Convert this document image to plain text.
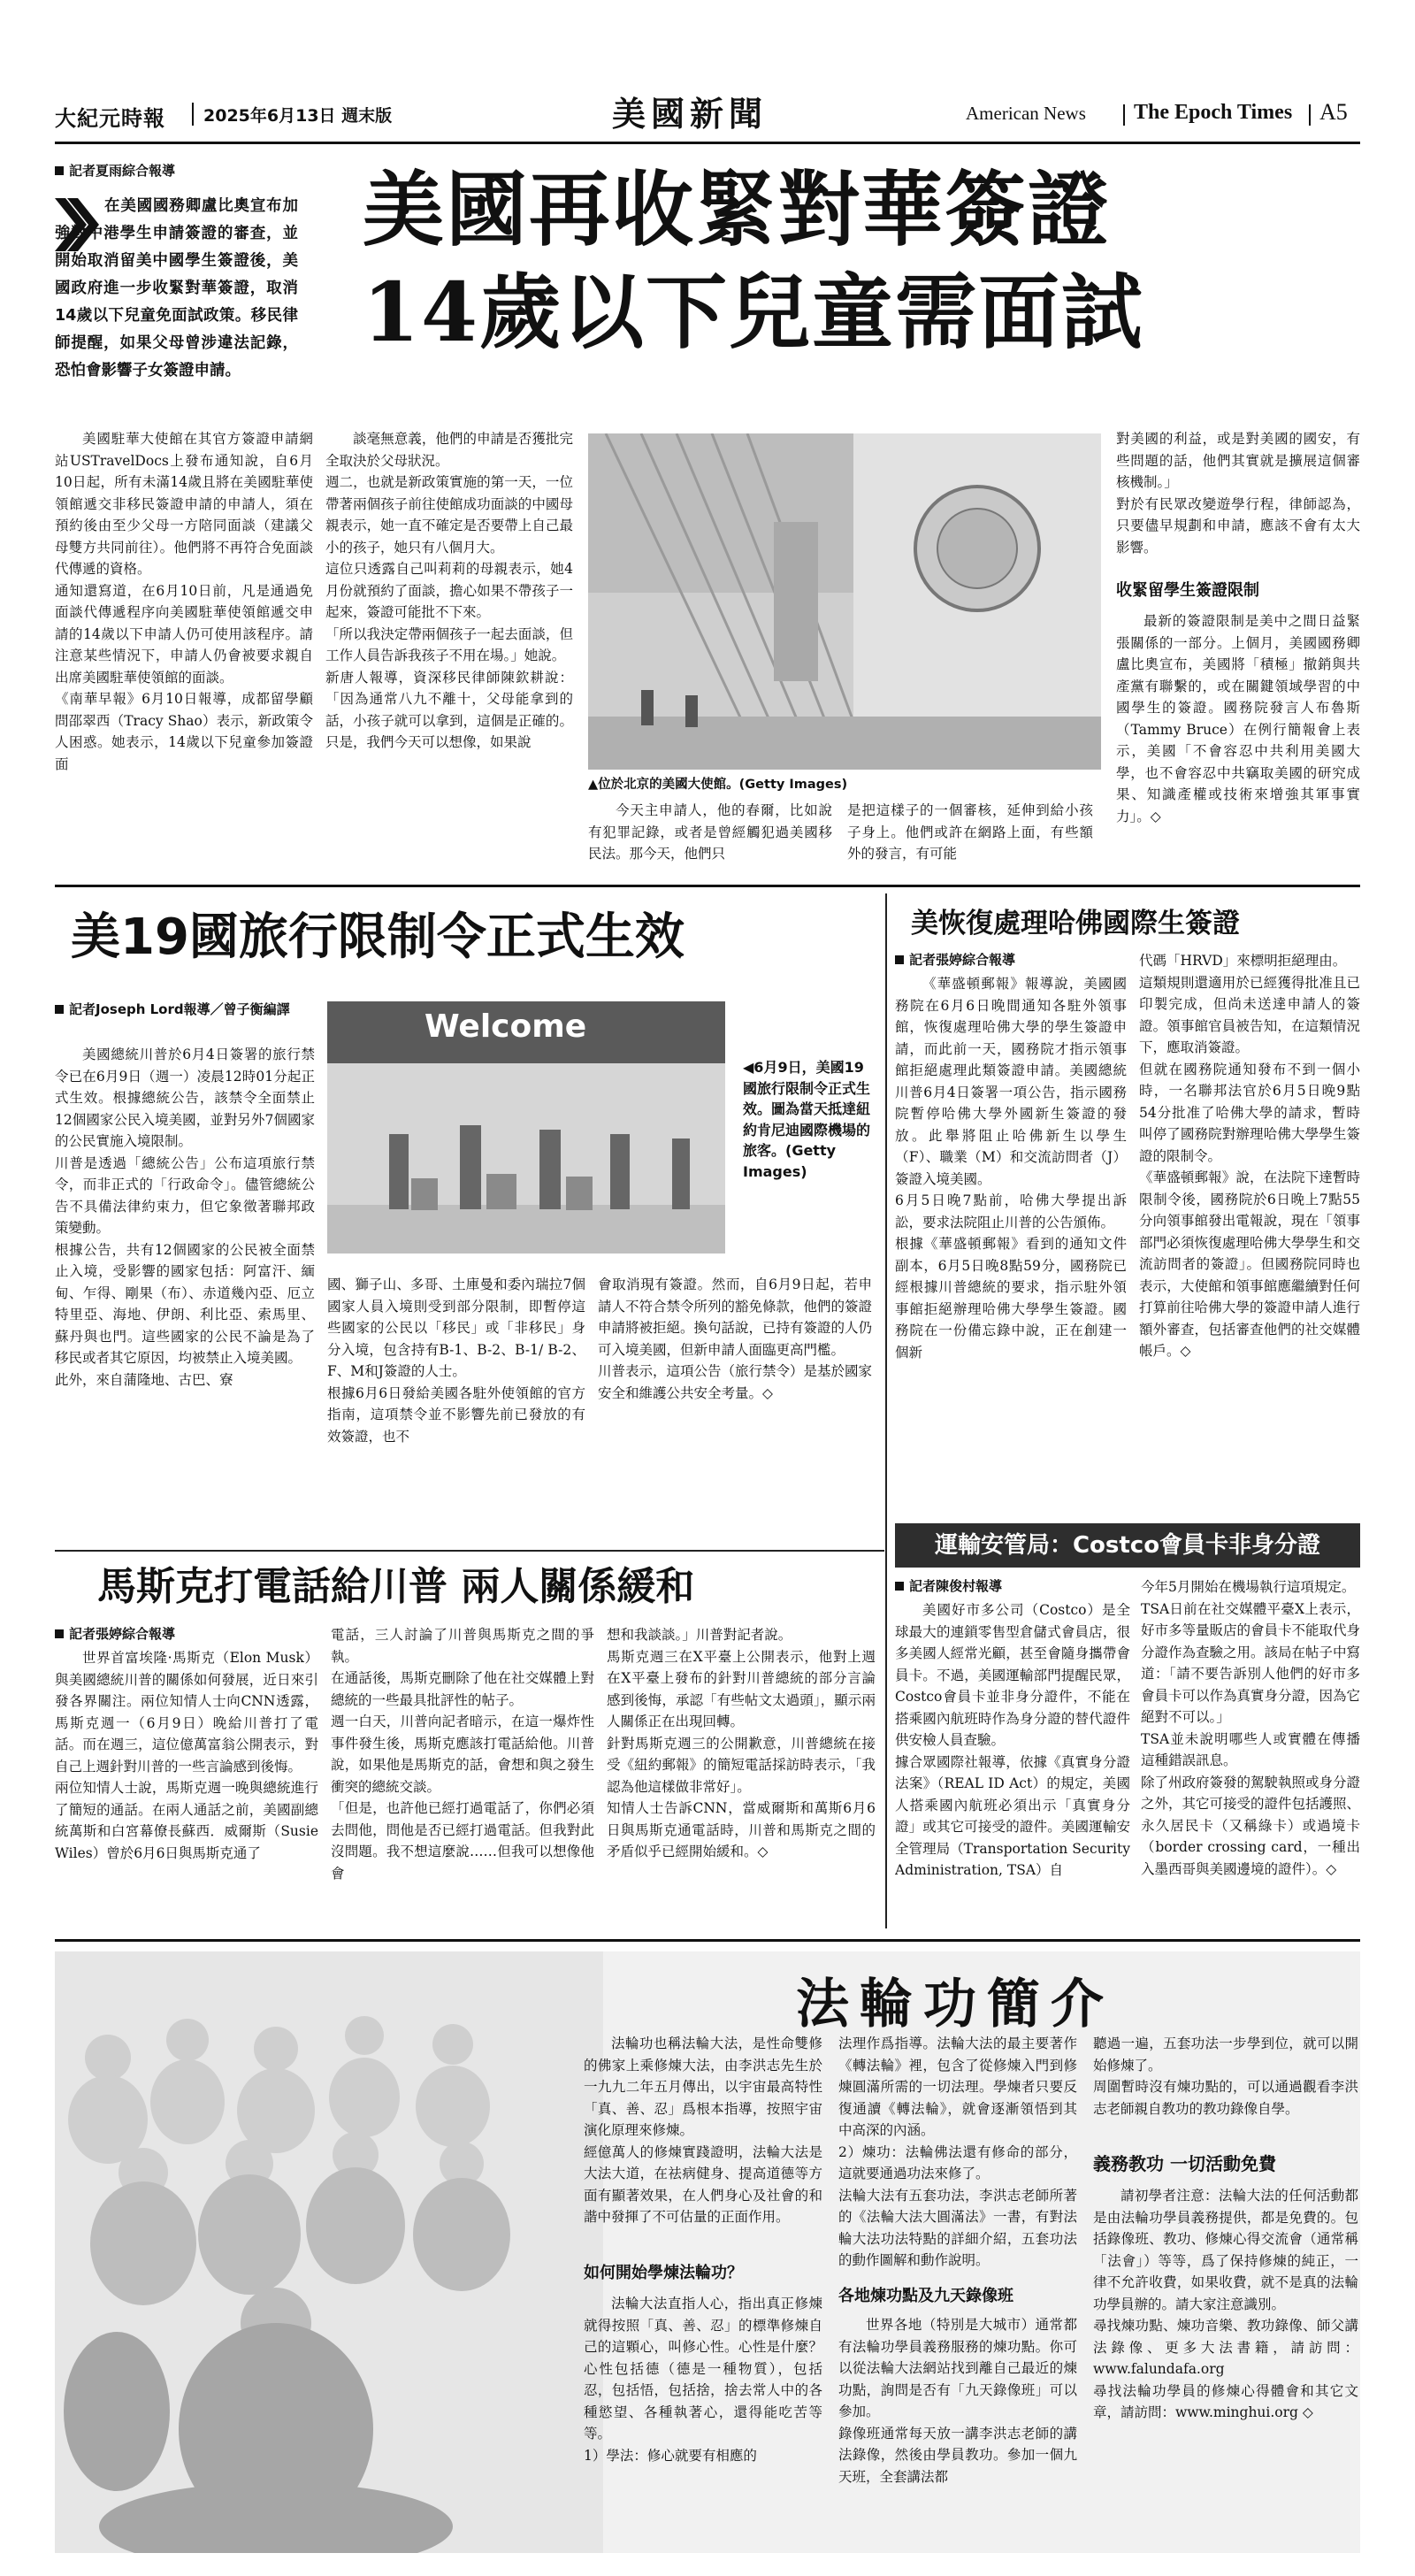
大紀元時報 2025年6月13日 週末版	美國新聞	American News The Epoch Times A5
記者夏雨綜合報導
在美國國務卿盧比奧宣布加強對中港學生申請簽證的審查，並開始取消留美中國學生簽證後，美國政府進一步收緊對華簽證，取消14歲以下兒童免面試政策。移民律師提醒，如果父母曾涉違法記錄，恐怕會影響子女簽證申請。
美國再收緊對華簽證
14歲以下兒童需面試
美國駐華大使館在其官方簽證申請網站USTravelDocs上發布通知說，自6月10日起，所有未滿14歲且將在美國駐華使領館遞交非移民簽證申請的申請人，須在預約後由至少父母一方陪同面談（建議父母雙方共同前往）。他們將不再符合免面談代傳遞的資格。
通知還寫道，在6月10日前，凡是通過免面談代傳遞程序向美國駐華使領館遞交申請的14歲以下申請人仍可使用該程序。請注意某些情況下，申請人仍會被要求親自出席美國駐華使領館的面談。
《南華早報》6月10日報導，成都留學顧問邵翠西（Tracy Shao）表示，新政策令人困惑。她表示，14歲以下兒童參加簽證面
談毫無意義，他們的申請是否獲批完全取決於父母狀況。
週二，也就是新政策實施的第一天，一位帶著兩個孩子前往使館成功面談的中國母親表示，她一直不確定是否要帶上自己最小的孩子，她只有八個月大。
這位只透露自己叫莉莉的母親表示，她4月份就預約了面談，擔心如果不帶孩子一起來，簽證可能批不下來。
「所以我決定帶兩個孩子一起去面談，但工作人員告訴我孩子不用在場。」她說。
新唐人報導，資深移民律師陳欽耕說：「因為通常八九不離十，父母能拿到的話，小孩子就可以拿到，這個是正確的。只是，我們今天可以想像，如果說
▲位於北京的美國大使館。(Getty Images)
今天主申請人，他的春爾，比如說有犯罪記錄，或者是曾經觸犯過美國移民法。那今天，他們只
是把這樣子的一個審核，延伸到給小孩子身上。他們或許在網路上面，有些額外的發言，有可能
對美國的利益，或是對美國的國安，有些問題的話，他們其實就是擴展這個審核機制。」
對於有民眾改變遊學行程，律師認為，只要儘早規劃和申請，應該不會有太大影響。
收緊留學生簽證限制
最新的簽證限制是美中之間日益緊張關係的一部分。上個月，美國國務卿盧比奧宣布，美國將「積極」撤銷與共產黨有聯繫的，或在關鍵領域學習的中國學生的簽證。國務院發言人布魯斯（Tammy Bruce）在例行簡報會上表示，美國「不會容忍中共利用美國大學，也不會容忍中共竊取美國的研究成果、知識產權或技術來增強其軍事實力」。◇
美19國旅行限制令正式生效
記者Joseph Lord報導／曾子衡編譯
美國總統川普於6月4日簽署的旅行禁令已在6月9日（週一）凌晨12時01分起正式生效。根據總統公告，該禁令全面禁止12個國家公民入境美國，並對另外7個國家的公民實施入境限制。
川普是透過「總統公告」公布這項旅行禁令，而非正式的「行政命令」。儘管總統公告不具備法律約束力，但它象徵著聯邦政策變動。
根據公告，共有12個國家的公民被全面禁止入境，受影響的國家包括：阿富汗、緬甸、乍得、剛果（布）、赤道幾內亞、厄立特里亞、海地、伊朗、利比亞、索馬里、蘇丹與也門。這些國家的公民不論是為了移民或者其它原因，均被禁止入境美國。
此外，來自蒲隆地、古巴、寮
Welcome
◀6月9日，美國19國旅行限制令正式生效。圖為當天抵達紐約肯尼迪國際機場的旅客。(Getty Images)
國、獅子山、多哥、土庫曼和委內瑞拉7個國家人員入境則受到部分限制，即暫停這些國家的公民以「移民」或「非移民」身分入境，包含持有B-1、B-2、B-1/ B-2、F、M和J簽證的人士。
根據6月6日發給美國各駐外使領館的官方指南，這項禁令並不影響先前已發放的有效簽證，也不
會取消現有簽證。然而，自6月9日起，若申請人不符合禁令所列的豁免條款，他們的簽證申請將被拒絕。換句話說，已持有簽證的人仍可入境美國，但新申請人面臨更高門檻。
川普表示，這項公告（旅行禁令）是基於國家安全和維護公共安全考量。◇
美恢復處理哈佛國際生簽證
記者張婷綜合報導
《華盛頓郵報》報導說，美國國務院在6月6日晚間通知各駐外領事館，恢復處理哈佛大學的學生簽證申請，而此前一天，國務院才指示領事館拒絕處理此類簽證申請。美國總統川普6月4日簽署一項公告，指示國務院暫停哈佛大學外國新生簽證的發放。此舉將阻止哈佛新生以學生（F）、職業（M）和交流訪問者（J）簽證入境美國。
6月5日晚7點前，哈佛大學提出訴訟，要求法院阻止川普的公告頒佈。
根據《華盛頓郵報》看到的通知文件副本，6月5日晚8點59分，國務院已經根據川普總統的要求，指示駐外領事館拒絕辦理哈佛大學學生簽證。國務院在一份備忘錄中說，正在創建一個新
代碼「HRVD」來標明拒絕理由。
這類規則還適用於已經獲得批准且已印製完成，但尚未送達申請人的簽證。領事館官員被告知，在這類情況下，應取消簽證。
但就在國務院通知發布不到一個小時，一名聯邦法官於6月5日晚9點54分批准了哈佛大學的請求，暫時叫停了國務院對辦理哈佛大學學生簽證的限制令。
《華盛頓郵報》說，在法院下達暫時限制令後，國務院於6日晚上7點55分向領事館發出電報說，現在「領事部門必須恢復處理哈佛大學學生和交流訪問者的簽證」。但國務院同時也表示，大使館和領事館應繼續對任何打算前往哈佛大學的簽證申請人進行額外審查，包括審查他們的社交媒體帳戶。◇
運輸安管局：Costco會員卡非身分證
記者陳俊村報導
美國好市多公司（Costco）是全球最大的連鎖零售型倉儲式會員店，很多美國人經常光顧，甚至會隨身攜帶會員卡。不過，美國運輸部門提醒民眾，Costco會員卡並非身分證件，不能在搭乘國內航班時作為身分證的替代證件供安檢人員查驗。
據合眾國際社報導，依據《真實身分證法案》（REAL ID Act）的規定，美國人搭乘國內航班必須出示「真實身分證」或其它可接受的證件。美國運輸安全管理局（Transportation Security Administration, TSA）自
今年5月開始在機場執行這項規定。
TSA日前在社交媒體平臺X上表示，好市多等量販店的會員卡不能取代身分證作為查驗之用。該局在帖子中寫道：「請不要告訴別人他們的好市多會員卡可以作為真實身分證，因為它絕對不可以。」
TSA並未說明哪些人或實體在傳播這種錯誤訊息。
除了州政府簽發的駕駛執照或身分證之外，其它可接受的證件包括護照、永久居民卡（又稱綠卡）或過境卡（border crossing card，一種出入墨西哥與美國邊境的證件）。◇
馬斯克打電話給川普 兩人關係緩和
記者張婷綜合報導
世界首富埃隆·馬斯克（Elon Musk）與美國總統川普的關係如何發展，近日來引發各界關注。兩位知情人士向CNN透露，馬斯克週一（6月9日）晚給川普打了電話。而在週三，這位億萬富翁公開表示，對自己上週針對川普的一些言論感到後悔。
兩位知情人士說，馬斯克週一晚與總統進行了簡短的通話。在兩人通話之前，美國副總統萬斯和白宮幕僚長蘇西．威爾斯（Susie Wiles）曾於6月6日與馬斯克通了
電話，三人討論了川普與馬斯克之間的爭執。
在通話後，馬斯克刪除了他在社交媒體上對總統的一些最具批評性的帖子。
週一白天，川普向記者暗示，在這一爆炸性事件發生後，馬斯克應該打電話給他。川普說，如果他是馬斯克的話，會想和與之發生衝突的總統交談。
「但是，也許他已經打過電話了，你們必須去問他，問他是否已經打過電話。但我對此沒問題。我不想這麼說……但我可以想像他會
想和我談談。」川普對記者說。
馬斯克週三在X平臺上公開表示，他對上週在X平臺上發布的針對川普總統的部分言論感到後悔，承認「有些帖文太過頭」，顯示兩人關係正在出現回轉。
針對馬斯克週三的公開歉意，川普總統在接受《紐約郵報》的簡短電話採訪時表示，「我認為他這樣做非常好」。
知情人士告訴CNN，當威爾斯和萬斯6月6日與馬斯克通電話時，川普和馬斯克之間的矛盾似乎已經開始緩和。◇
法輪功簡介
法輪功也稱法輪大法，是性命雙修的佛家上乘修煉大法，由李洪志先生於一九九二年五月傳出，以宇宙最高特性「真、善、忍」爲根本指導，按照宇宙演化原理來修煉。
經億萬人的修煉實踐證明，法輪大法是大法大道，在祛病健身、提高道德等方面有顯著效果，在人們身心及社會的和諧中發揮了不可估量的正面作用。
如何開始學煉法輪功？
法輪大法直指人心，指出真正修煉就得按照「真、善、忍」的標準修煉自己的這顆心，叫修心性。心性是什麼？心性包括德（德是一種物質），包括忍，包括悟，包括捨，捨去常人中的各種慾望、各種執著心，還得能吃苦等等。
1）學法：修心就要有相應的
法理作爲指導。法輪大法的最主要著作《轉法輪》裡，包含了從修煉入門到修煉圓滿所需的一切法理。學煉者只要反復通讀《轉法輪》，就會逐漸領悟到其中高深的內涵。
2）煉功：法輪佛法還有修命的部分，這就要通過功法來修了。
法輪大法有五套功法，李洪志老師所著的《法輪大法大圓滿法》一書，有對法輪大法功法特點的詳細介紹，五套功法的動作圖解和動作說明。
各地煉功點及九天錄像班
世界各地（特別是大城市）通常都有法輪功學員義務服務的煉功點。你可以從法輪大法網站找到離自己最近的煉功點，詢問是否有「九天錄像班」可以參加。
錄像班通常每天放一講李洪志老師的講法錄像，然後由學員教功。參加一個九天班，全套講法都
聽過一遍，五套功法一步學到位，就可以開始修煉了。
周圍暫時沒有煉功點的，可以通過觀看李洪志老師親自教功的教功錄像自學。
義務教功 一切活動免費
請初學者注意：法輪大法的任何活動都是由法輪功學員義務提供，都是免費的。包括錄像班、教功、修煉心得交流會（通常稱「法會」）等等，爲了保持修煉的純正，一律不允許收費，如果收費，就不是真的法輪功學員辦的。請大家注意識別。
尋找煉功點、煉功音樂、教功錄像、師父講法錄像、更多大法書籍，請訪問：www.falundafa.org
尋找法輪功學員的修煉心得體會和其它文章，請訪問：www.minghui.org ◇
